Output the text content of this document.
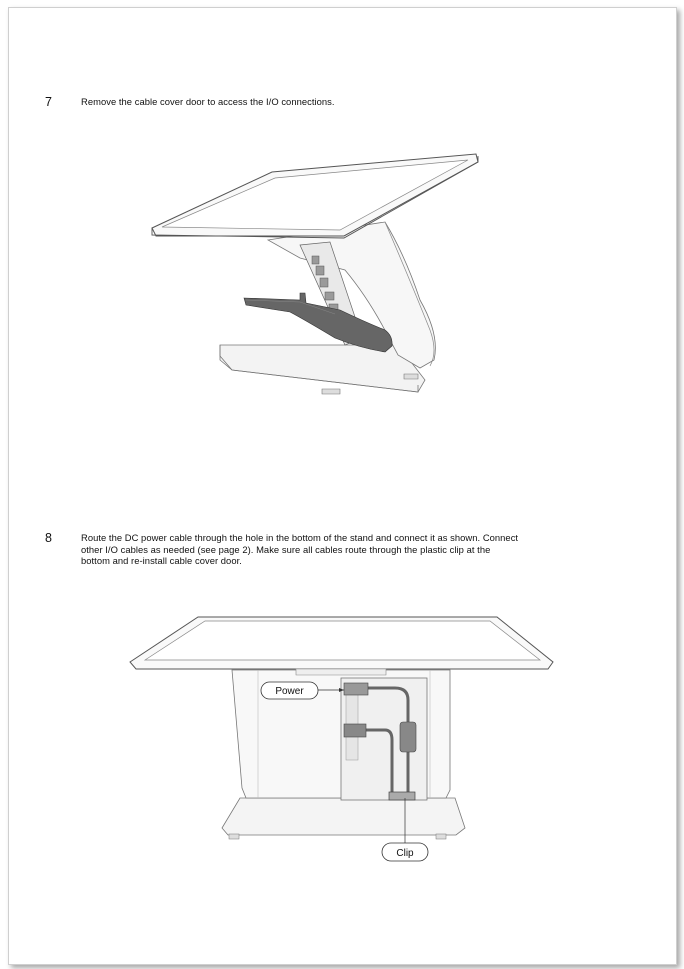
7	Remove the cable cover door to access the I/O connections.
8	Route the DC power cable through the hole in the bottom of the stand and connect it as shown. Connect
other I/O cables as needed (see page 2). Make sure all cables route through the plastic clip at the
bottom and re-install cable cover door.
Power
Clip
